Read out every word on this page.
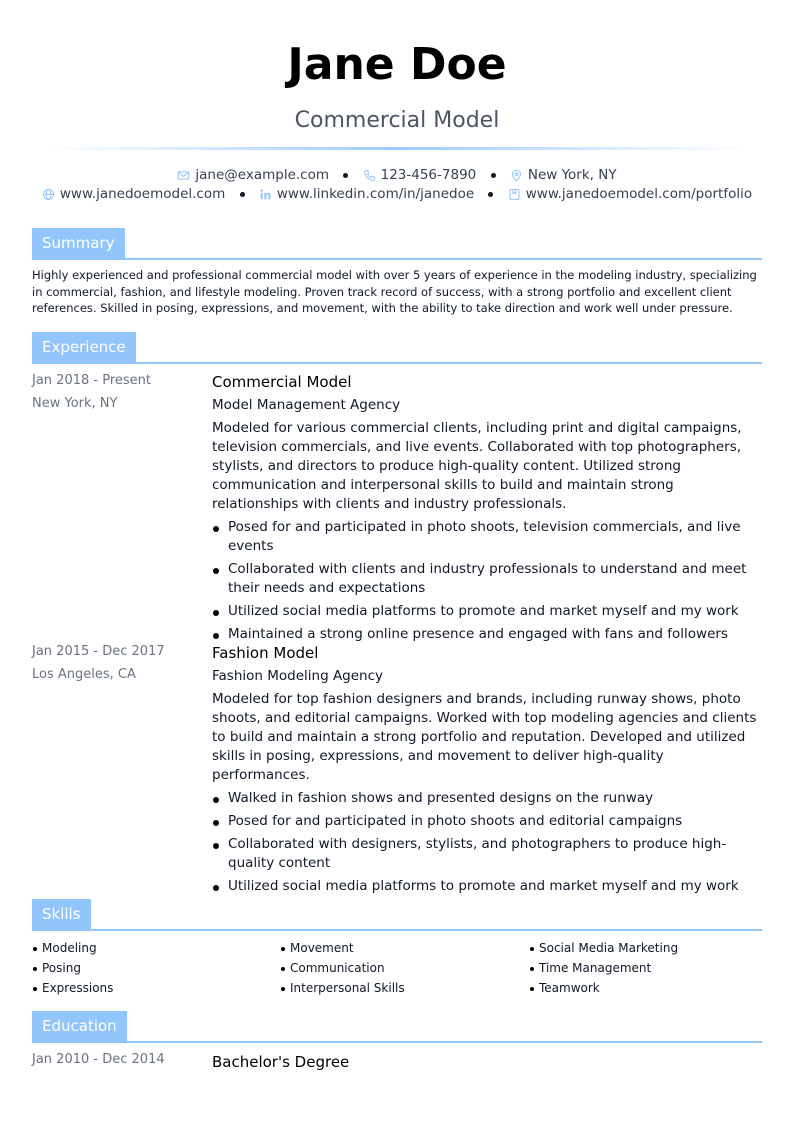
Jane Doe
Commercial Model
jane@example.com
	123-456-7890
	New York, NY
www.janedoemodel.com
	www.linkedin.com/in/janedoe
	www.janedoemodel.com/portfolio
Summary
Highly experienced and professional commercial model with over 5 years of experience in the modeling industry, specializing in commercial, fashion, and lifestyle modeling. Proven track record of success, with a strong portfolio and excellent client references. Skilled in posing, expressions, and movement, with the ability to take direction and work well under pressure.
Experience
Jan 2018 - Present
New York, NY
Commercial Model
Model Management Agency
Modeled for various commercial clients, including print and digital campaigns, television commercials, and live events. Collaborated with top photographers, stylists, and directors to produce high-quality content. Utilized strong communication and interpersonal skills to build and maintain strong relationships with clients and industry professionals.
Posed for and participated in photo shoots, television commercials, and live events
Collaborated with clients and industry professionals to understand and meet their needs and expectations
Utilized social media platforms to promote and market myself and my work
Maintained a strong online presence and engaged with fans and followers
Jan 2015 - Dec 2017
Los Angeles, CA
Fashion Model
Fashion Modeling Agency
Modeled for top fashion designers and brands, including runway shows, photo shoots, and editorial campaigns. Worked with top modeling agencies and clients to build and maintain a strong portfolio and reputation. Developed and utilized skills in posing, expressions, and movement to deliver high-quality performances.
Walked in fashion shows and presented designs on the runway
Posed for and participated in photo shoots and editorial campaigns
Collaborated with designers, stylists, and photographers to produce high-quality content
Utilized social media platforms to promote and market myself and my work
Skills
Modeling
Posing
Expressions
Movement
Communication
Interpersonal Skills
Social Media Marketing
Time Management
Teamwork
Education
Jan 2010 - Dec 2014	Bachelor's Degree
